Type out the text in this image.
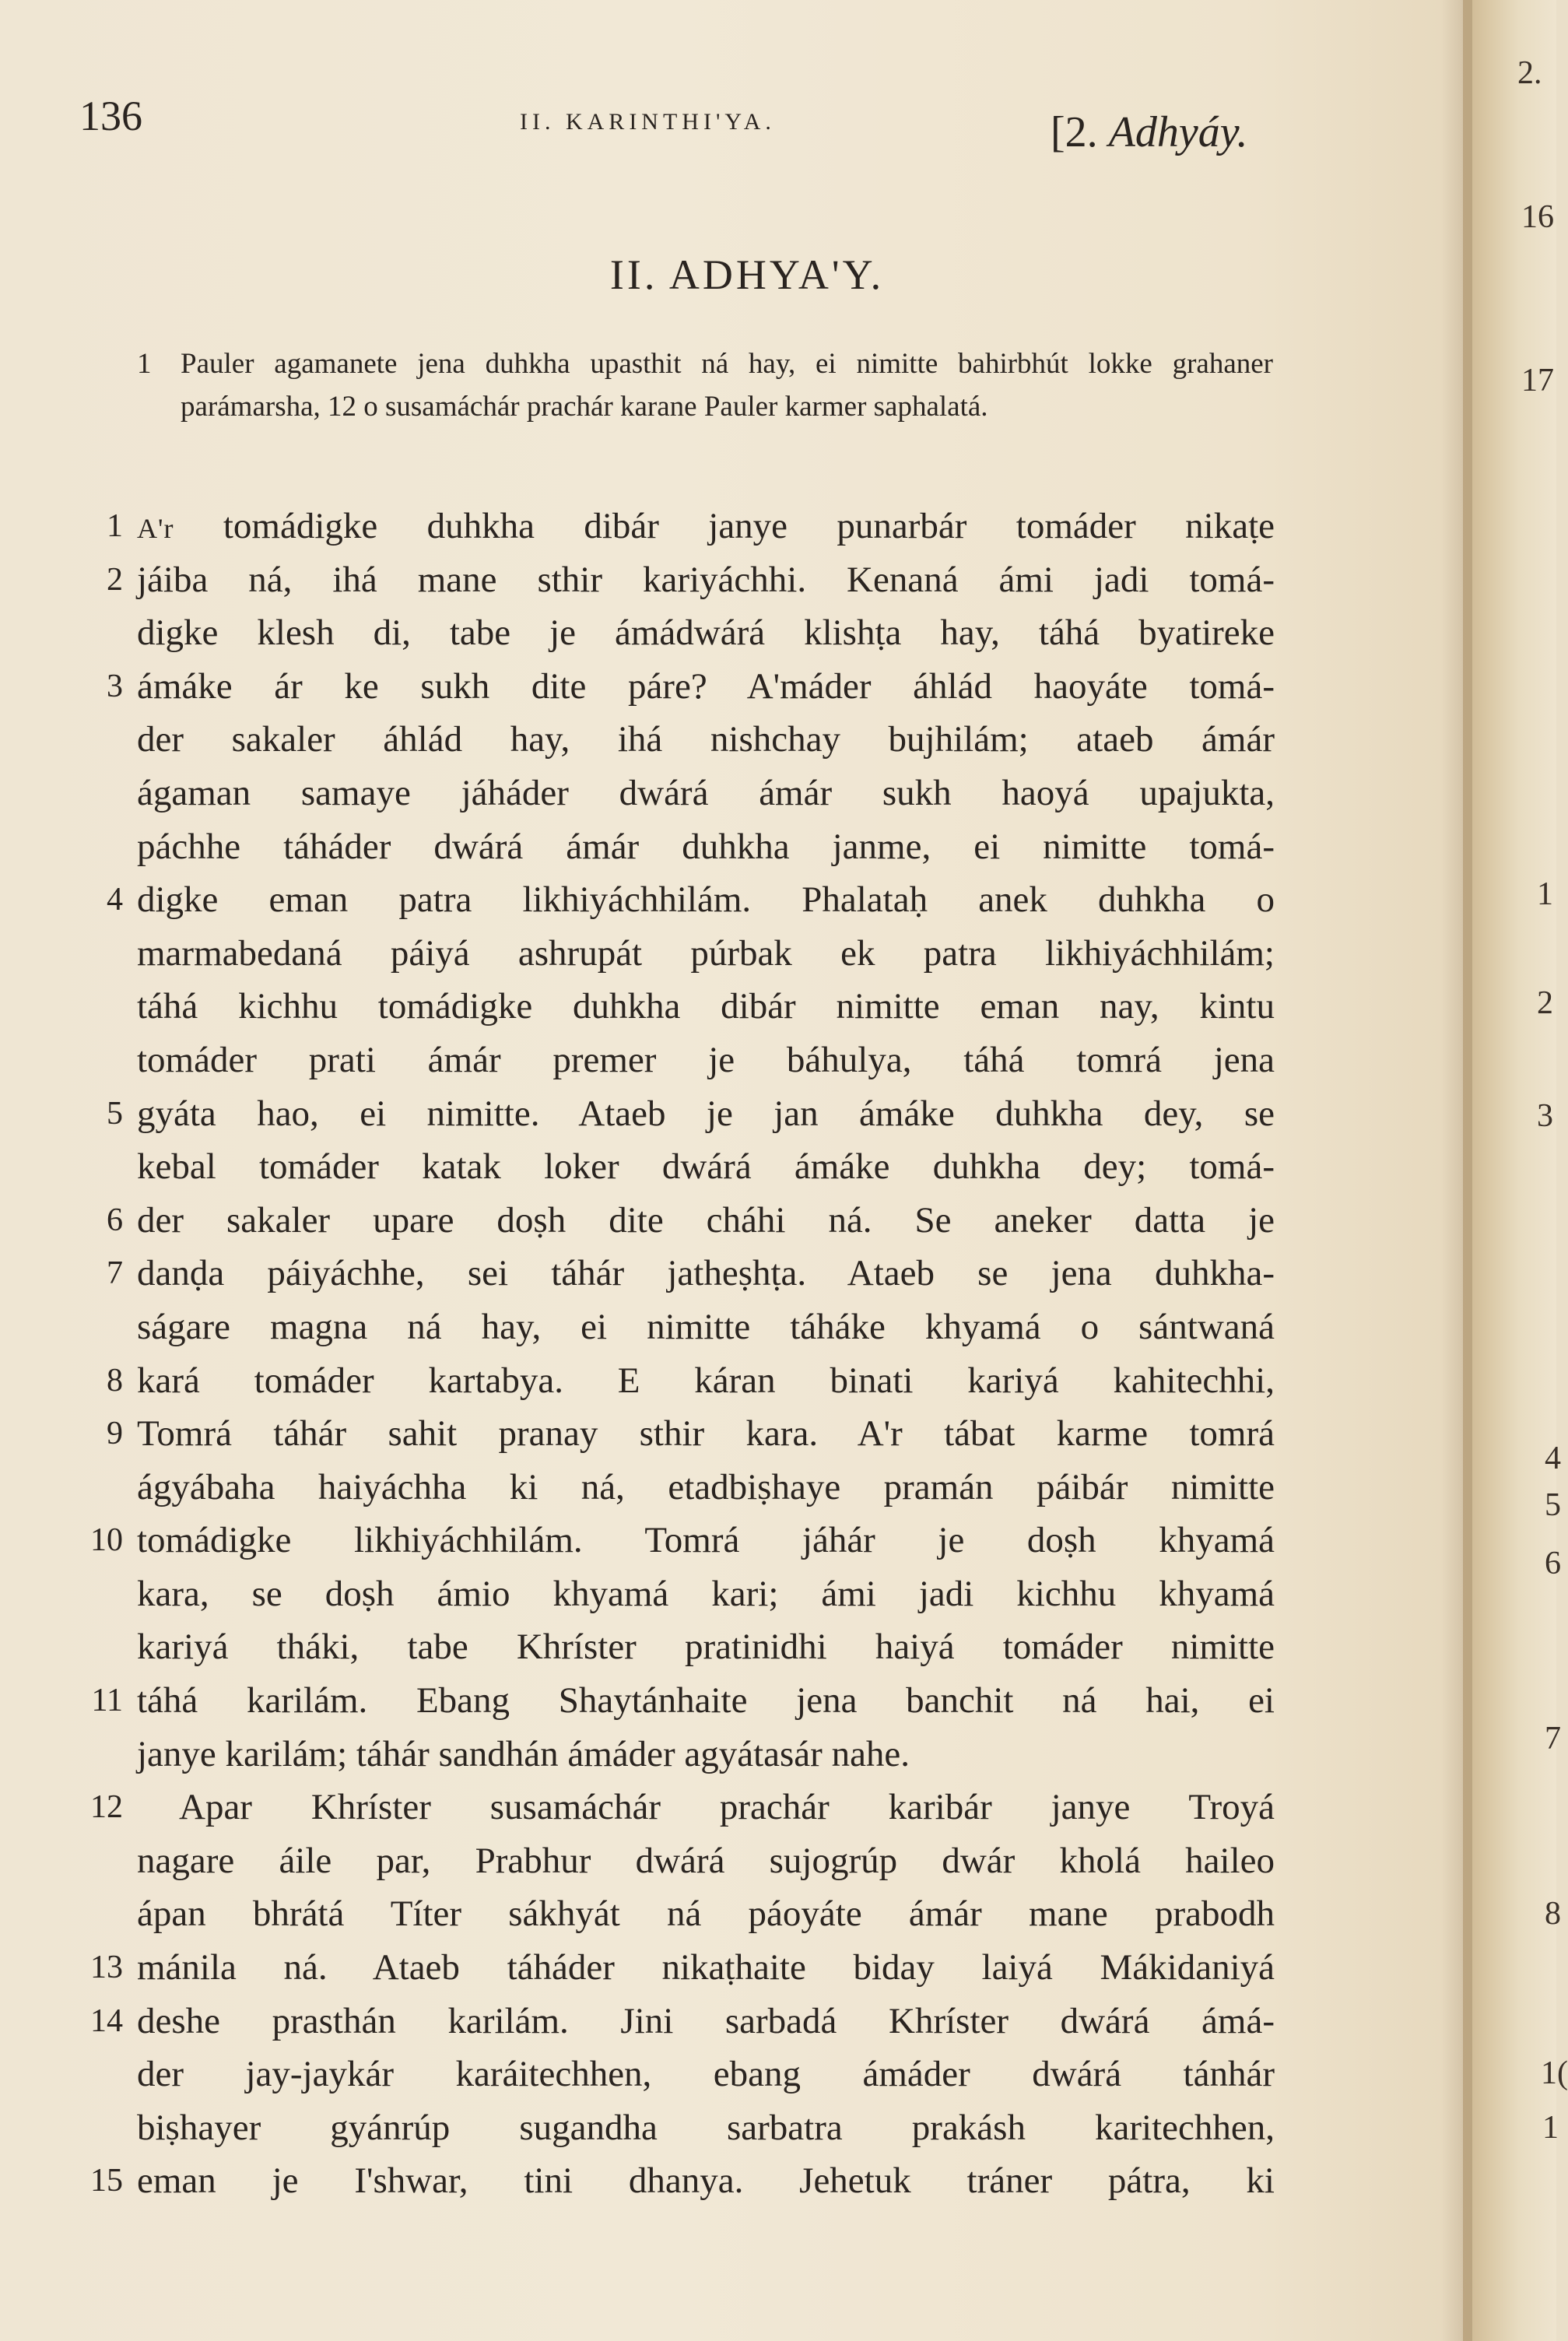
136	II. KARINTHI'YA.	[2. Adhyáy.
II. ADHYA'Y.
1	Pauler agamanete jena duhkha upasthit ná hay, ei nimitte bahirbhút lokke grahaner parámarsha, 12 o susamáchár prachár karane Pauler karmer saphalatá.
1 A'r tomádigke duhkha dibár janye punarbár tomáder nikaṭe
2 jáiba ná, ihá mane sthir kariyáchhi. Kenaná ámi jadi tomá-
digke klesh di, tabe je ámádwárá klishṭa hay, táhá byatireke
3 ámáke ár ke sukh dite páre? A'máder áhlád haoyáte tomá-
der sakaler áhlád hay, ihá nishchay bujhilám; ataeb ámár
ágaman samaye jáháder dwárá ámár sukh haoyá upajukta,
páchhe táháder dwárá ámár duhkha janme, ei nimitte tomá-
4 digke eman patra likhiyáchhilám. Phalataḥ anek duhkha o
marmabedaná páiyá ashrupát púrbak ek patra likhiyáchhilám;
táhá kichhu tomádigke duhkha dibár nimitte eman nay, kintu
tomáder prati ámár premer je báhulya, táhá tomrá jena
5 gyáta hao, ei nimitte. Ataeb je jan ámáke duhkha dey, se
kebal tomáder katak loker dwárá ámáke duhkha dey; tomá-
6 der sakaler upare doṣh dite cháhi ná. Se aneker datta je
7 danḍa páiyáchhe, sei táhár jatheṣhṭa. Ataeb se jena duhkha-
ságare magna ná hay, ei nimitte táháke khyamá o sántwaná
8 kará tomáder kartabya. E káran binati kariyá kahitechhi,
9 Tomrá táhár sahit pranay sthir kara. A'r tábat karme tomrá
ágyábaha haiyáchha ki ná, etadbiṣhaye pramán páibár nimitte
10 tomádigke likhiyáchhilám. Tomrá jáhár je doṣh khyamá
kara, se doṣh ámio khyamá kari; ámi jadi kichhu khyamá
kariyá tháki, tabe Khríster pratinidhi haiyá tomáder nimitte
11 táhá karilám. Ebang Shaytánhaite jena banchit ná hai, ei
janye karilám; táhár sandhán ámáder agyátasár nahe.
12	Apar Khríster susamáchár prachár karibár janye Troyá
nagare áile par, Prabhur dwárá sujogrúp dwár kholá haileo
ápan bhrátá Títer sákhyát ná páoyáte ámár mane prabodh
13 mánila ná. Ataeb táháder nikaṭhaite biday laiyá Mákidaniyá
14 deshe prasthán karilám. Jini sarbadá Khríster dwárá ámá-
der jay-jaykár karáitechhen, ebang ámáder dwárá tánhár
biṣhayer gyánrúp sugandha sarbatra prakásh karitechhen,
15 eman je I'shwar, tini dhanya. Jehetuk tráner pátra, ki
2.
16
17
1
2
3
4
5
6
7
8
1(
1
